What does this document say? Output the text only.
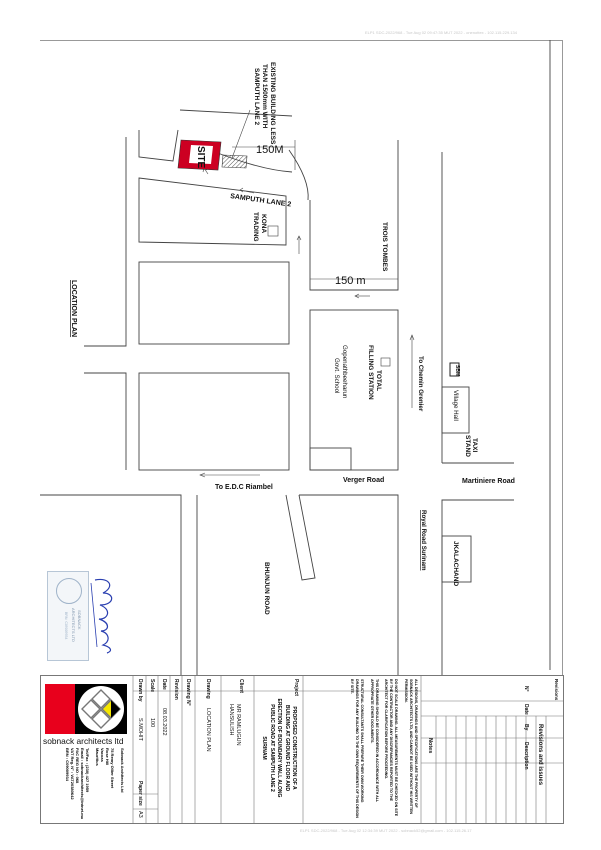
ELP1 SDC-2022/968 - Tue Aug 02 09:47:35 MUT 2022 - onenottex - 102.115.229.134
ELP1 SDC-2022/968 - Tue Aug 02 12:34:39 MUT 2022 - sobnack52@gmail.com - 102.115.26.17
SITE
EXISTING BUILDING LESS
THAN 1500mm WITH
SAMPUTH LANE 2
KONA
TRADING	TROIS TOMBES
TOTAL
FILLING STATION	SBM
TAXI
STAND
JKALACHAND
BHUNJUN ROAD
LOCATION PLAN
Gopenathbeeharun
Govt. School	To Chemin Grenier	Village Hall
Royal Road Surinam
SAMPUTH LANE 2
Verger Road
To E.D.C Riambel
Martiniere Road
150M
150 m
SOBNACK
ARCHITECTS LTD
BRN: C09009934
sobnack architects ltd
Sobnack Architects Ltd
75 Remy Ollier Street
Rose Hill
Vacoas
Mauritius
Tel/Fax : (230) 427 1959
Email : sobnackarchitects@intnet.mu
PAC REG NO : 068
VAT Reg. N° : VAT20380642
BRN : C09009934
Drawn by
S.MOHIT
Paper size
A3
Scale
100
Date
08.03.2022
Revision Drawing N°	Drawing
LOCATION PLAN
Client
MR RAMLUGUN
HANSULISH
Project
PROPOSED CONSTRUCTION OF A BUILDING AT GROUND FLOOR AND ERECTION OF BOUNDARY WALL ALONG PUBLIC ROAD AT SAMPUTH LANE 2 SURINAM	ALL DESIGNS, DRAWINGS AND SPECIFICATIONS ARE THE PROPERTY OF SOBNACK ARCHITECTS LTD, AND CANNOT BE USED WITHOUT HIS WRITTEN PERMISSION.
DO NOT SCALE DRAWING. ALL MEASUREMENTS MUST BE CHECKED ON SITE BY THE CONTRACTOR AND ANY DISCREPANCIES REPORTED TO THE ARCHITECT FOR CLARIFICATION BEFORE PROCEEDING.
THIS DRAWING SHOULD BE CONSIDERED IN ACCORDANCE WITH ALL APPROPRIATE OTHER DOCUMENTS.
STRUCTURAL CONSULTANTS SHALL PREPARE THEIR OWN WORKING DRAWINGS FOR ANY BUILDING TO THE OWN REQUIREMENTS OF THIS DESIGN BY SITE.
Notes
Revisions
Revisions and issues
N°
Date
By
Description
